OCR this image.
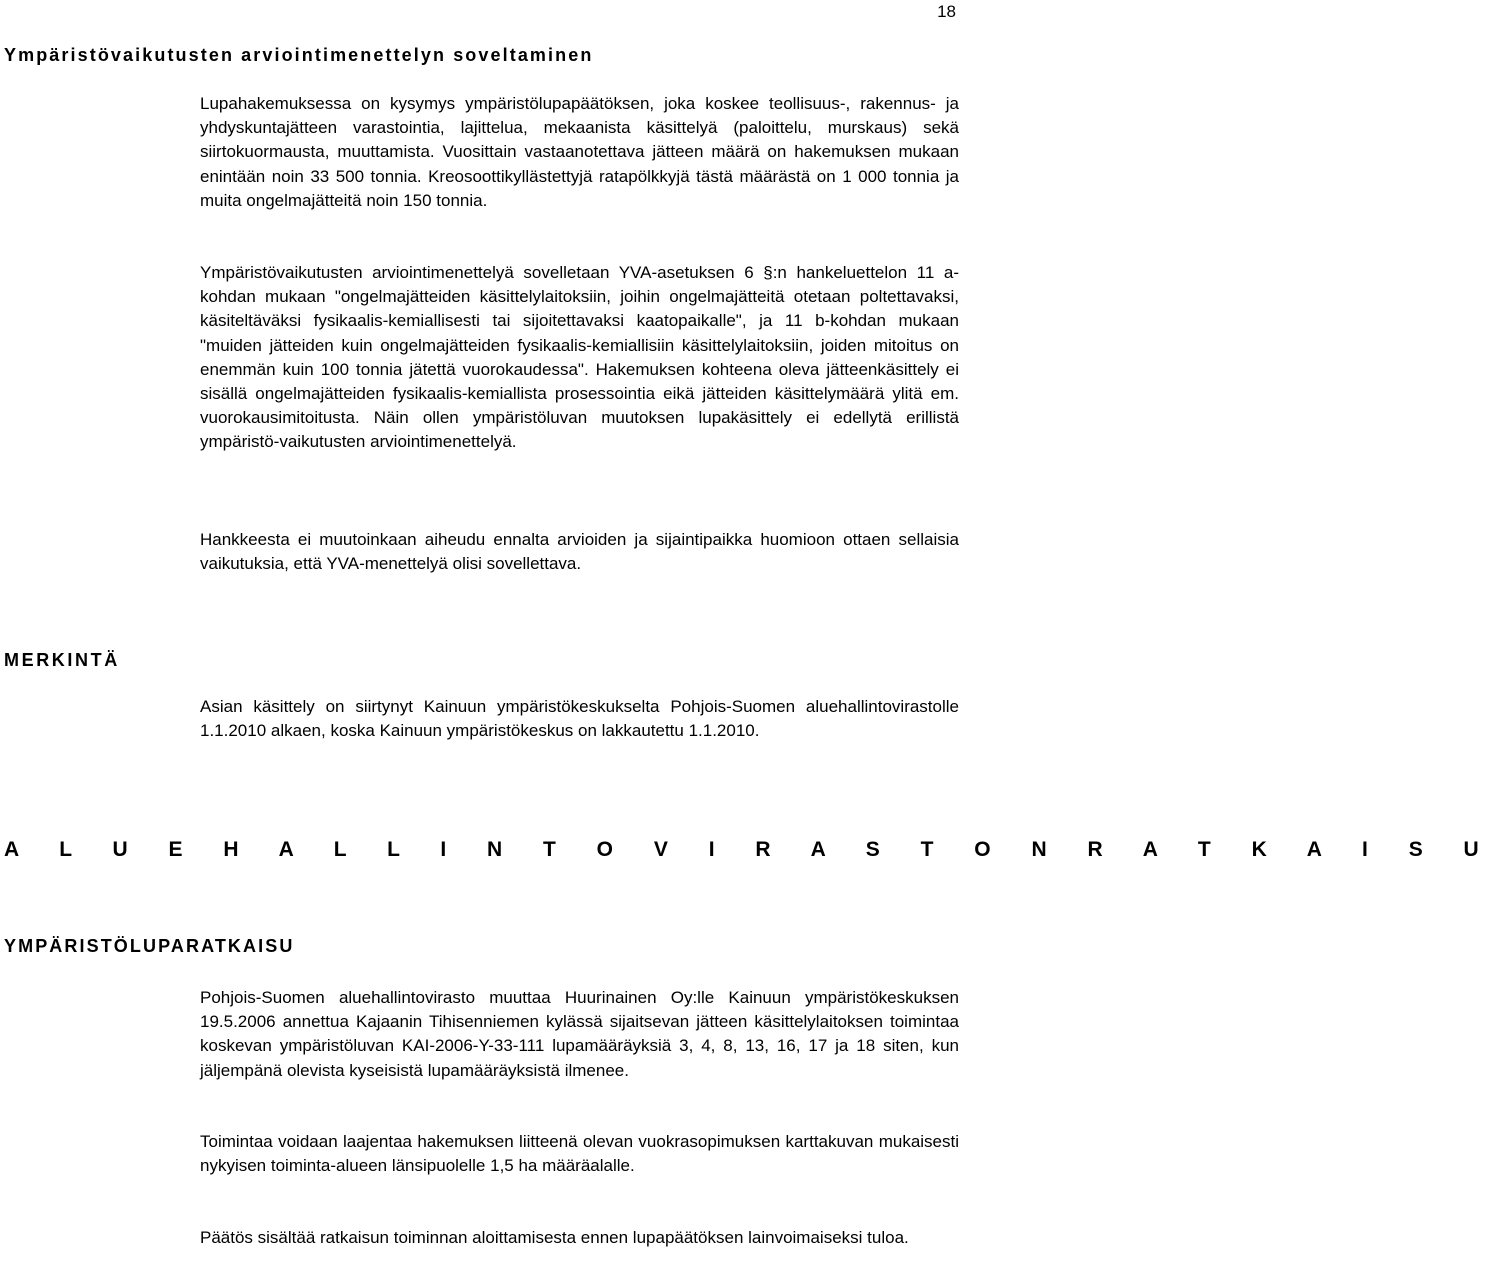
18
Ympäristövaikutusten arviointimenettelyn soveltaminen

Lupahakemuksessa on kysymys ympäristölupapäätöksen, joka koskee teollisuus-, rakennus- ja yhdyskuntajätteen varastointia, lajittelua, mekaanista käsittelyä (paloittelu, murskaus) sekä siirtokuormausta, muuttamista. Vuosittain vastaanotettava jätteen määrä on hakemuksen mukaan enintään noin 33 500 tonnia. Kreosoottikyllästettyjä ratapölkkyjä tästä määrästä on 1 000 tonnia ja muita ongelmajätteitä noin 150 tonnia.

Ympäristövaikutusten arviointimenettelyä sovelletaan YVA-asetuksen 6 §:n hankeluettelon 11 a-kohdan mukaan "ongelmajätteiden käsittelylaitoksiin, joihin ongelmajätteitä otetaan poltettavaksi, käsiteltäväksi fysikaalis-kemiallisesti tai sijoitettavaksi kaatopaikalle", ja 11 b-kohdan mukaan "muiden jätteiden kuin ongelmajätteiden fysikaalis-kemiallisiin käsittelylaitoksiin, joiden mitoitus on enemmän kuin 100 tonnia jätettä vuorokaudessa". Hakemuksen kohteena oleva jätteenkäsittely ei sisällä ongelmajätteiden fysikaalis-kemiallista prosessointia eikä jätteiden käsittelymäärä ylitä em. vuorokausimitoitusta. Näin ollen ympäristöluvan muutoksen lupakäsittely ei edellytä erillistä ympäristö-vaikutusten arviointimenettelyä.

Hankkeesta ei muutoinkaan aiheudu ennalta arvioiden ja sijaintipaikka huomioon ottaen sellaisia vaikutuksia, että YVA-menettelyä olisi sovellettava.

MERKINTÄ

Asian käsittely on siirtynyt Kainuun ympäristökeskukselta Pohjois-Suomen aluehallintovirastolle 1.1.2010 alkaen, koska Kainuun ympäristökeskus on lakkautettu 1.1.2010.

A L U E H A L L I N T O V I R A S T O N R A T K A I S U
YMPÄRISTÖLUPARATKAISU

Pohjois-Suomen aluehallintovirasto muuttaa Huurinainen Oy:lle Kainuun ympäristökeskuksen 19.5.2006 annettua Kajaanin Tihisenniemen kylässä sijaitsevan jätteen käsittelylaitoksen toimintaa koskevan ympäristöluvan KAI-2006-Y-33-111 lupamääräyksiä 3, 4, 8, 13, 16, 17 ja 18 siten, kun jäljempänä olevista kyseisistä lupamääräyksistä ilmenee.

Toimintaa voidaan laajentaa hakemuksen liitteenä olevan vuokrasopimuksen karttakuvan mukaisesti nykyisen toiminta-alueen länsipuolelle 1,5 ha määräalalle.

Päätös sisältää ratkaisun toiminnan aloittamisesta ennen lupapäätöksen lainvoimaiseksi tuloa.
